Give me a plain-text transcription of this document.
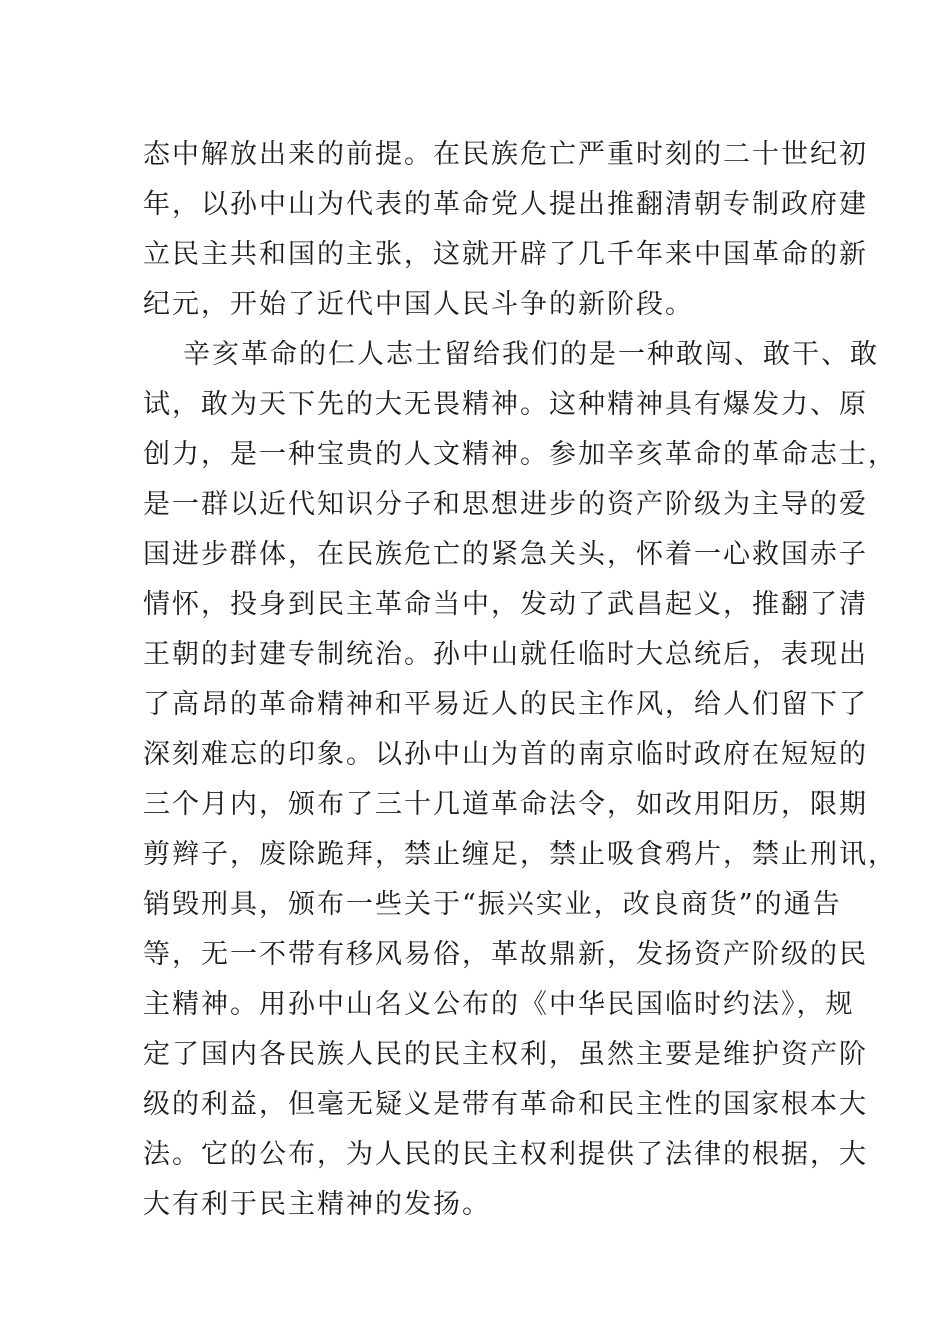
态中解放出来的前提。在民族危亡严重时刻的二十世纪初
年，以孙中山为代表的革命党人提出推翻清朝专制政府建
立民主共和国的主张，这就开辟了几千年来中国革命的新
纪元，开始了近代中国人民斗争的新阶段。
辛亥革命的仁人志士留给我们的是一种敢闯、敢干、敢
试，敢为天下先的大无畏精神。这种精神具有爆发力、原
创力，是一种宝贵的人文精神。参加辛亥革命的革命志士，
是一群以近代知识分子和思想进步的资产阶级为主导的爱
国进步群体，在民族危亡的紧急关头，怀着一心救国赤子
情怀，投身到民主革命当中，发动了武昌起义，推翻了清
王朝的封建专制统治。孙中山就任临时大总统后，表现出
了高昂的革命精神和平易近人的民主作风，给人们留下了
深刻难忘的印象。以孙中山为首的南京临时政府在短短的
三个月内，颁布了三十几道革命法令，如改用阳历，限期
剪辫子，废除跪拜，禁止缠足，禁止吸食鸦片，禁止刑讯，
销毁刑具，颁布一些关于“振兴实业，改良商货”的通告
等，无一不带有移风易俗，革故鼎新，发扬资产阶级的民
主精神。用孙中山名义公布的《中华民国临时约法》，规
定了国内各民族人民的民主权利，虽然主要是维护资产阶
级的利益，但毫无疑义是带有革命和民主性的国家根本大
法。它的公布，为人民的民主权利提供了法律的根据，大
大有利于民主精神的发扬。
